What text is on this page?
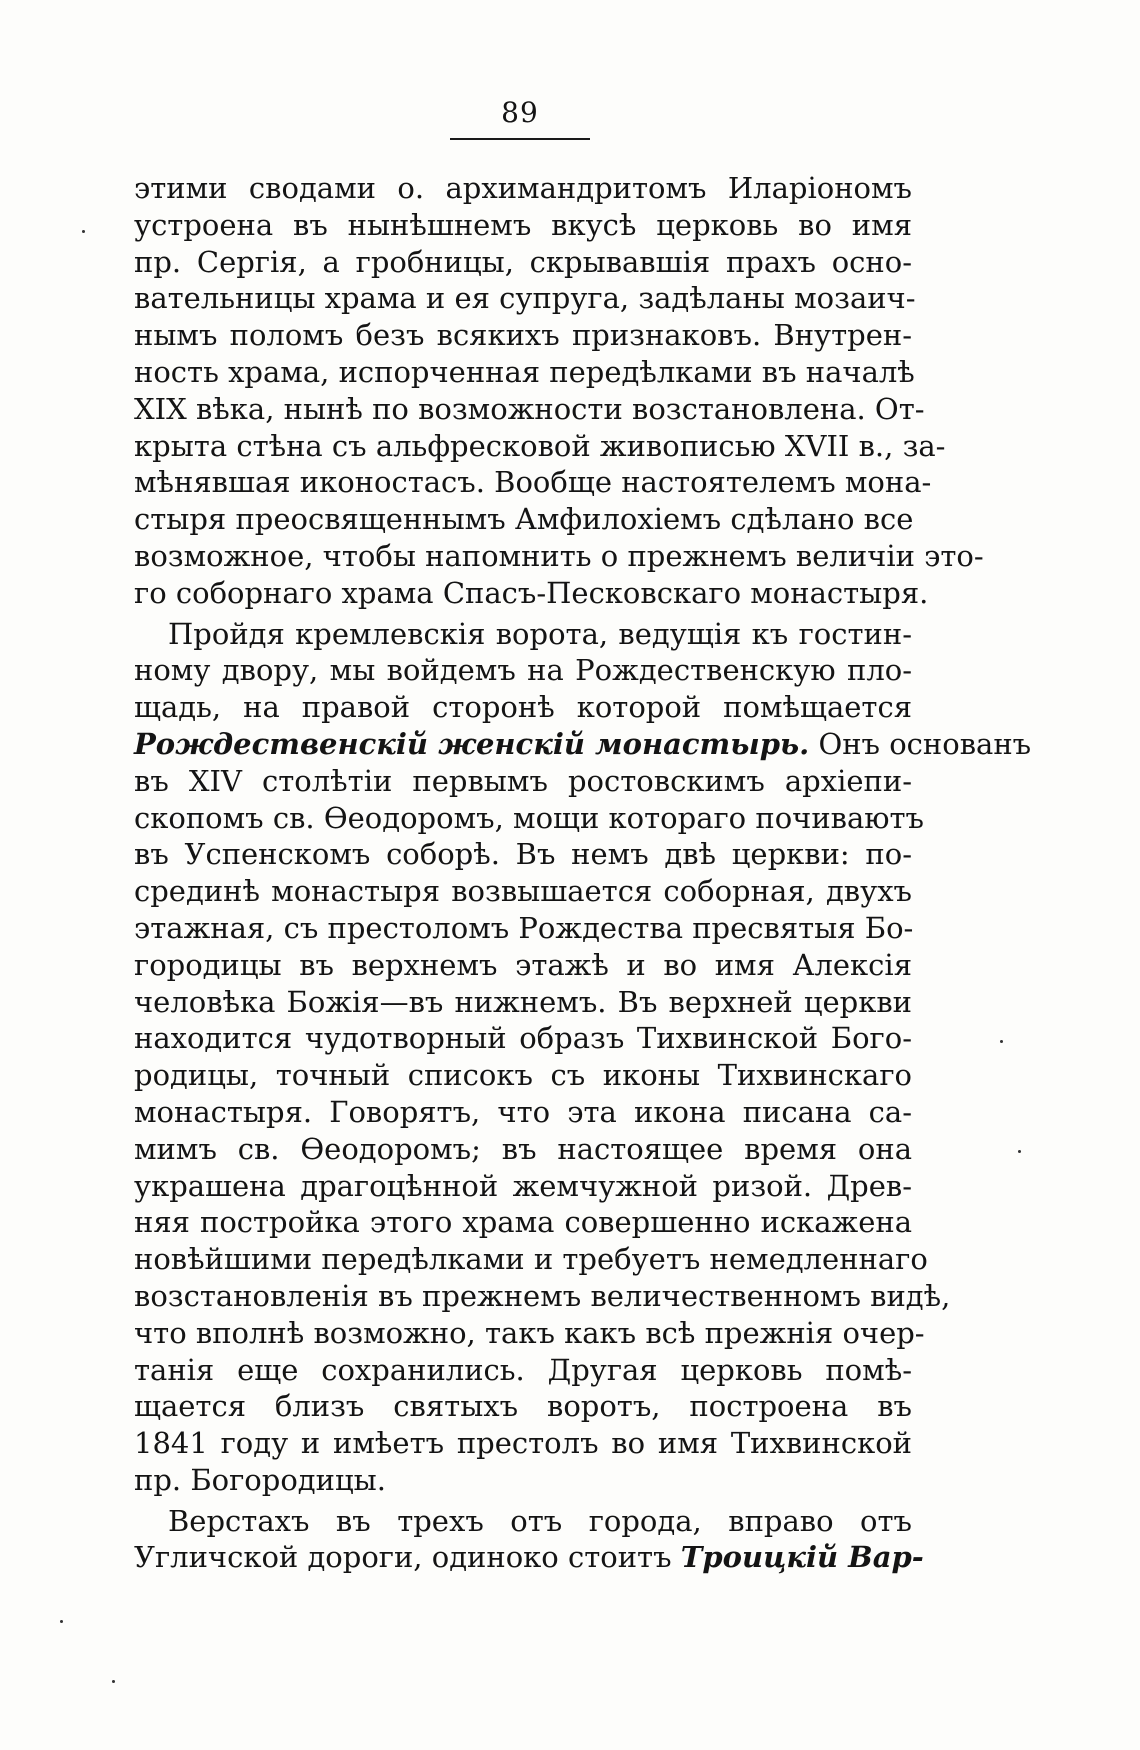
89
этими сводами о. архимандритомъ Иларіономъ
устроена въ нынѣшнемъ вкусѣ церковь во имя
пр. Сергія, а гробницы, скрывавшія прахъ осно-
вательницы храма и ея супруга, задѣланы мозаич-
нымъ поломъ безъ всякихъ признаковъ. Внутрен-
ность храма, испорченная передѣлками въ началѣ
XIX вѣка, нынѣ по возможности возстановлена. От-
крыта стѣна съ альфресковой живописью XVII в., за-
мѣнявшая иконостасъ. Вообще настоятелемъ мона-
стыря преосвященнымъ Амфилохіемъ сдѣлано все
возможное, чтобы напомнить о прежнемъ величіи это-
го соборнаго храма Спасъ-Песковскаго монастыря.
Пройдя кремлевскія ворота, ведущія къ гостин-
ному двору, мы войдемъ на Рождественскую пло-
щадь, на правой сторонѣ которой помѣщается
Рождественскій женскій монастырь. Онъ основанъ
въ XIV столѣтіи первымъ ростовскимъ архіепи-
скопомъ св. Ѳеодоромъ, мощи котораго почиваютъ
въ Успенскомъ соборѣ. Въ немъ двѣ церкви: по-
срединѣ монастыря возвышается соборная, двухъ
этажная, съ престоломъ Рождества пресвятыя Бо-
городицы въ верхнемъ этажѣ и во имя Алексія
человѣка Божія—въ нижнемъ. Въ верхней церкви
находится чудотворный образъ Тихвинской Бого-
родицы, точный списокъ съ иконы Тихвинскаго
монастыря. Говорятъ, что эта икона писана са-
мимъ св. Ѳеодоромъ; въ настоящее время она
украшена драгоцѣнной жемчужной ризой. Древ-
няя постройка этого храма совершенно искажена
новѣйшими передѣлками и требуетъ немедленнаго
возстановленія въ прежнемъ величественномъ видѣ,
что вполнѣ возможно, такъ какъ всѣ прежнія очер-
танія еще сохранились. Другая церковь помѣ-
щается близъ святыхъ воротъ, построена въ
1841 году и имѣетъ престолъ во имя Тихвинской
пр. Богородицы.
Верстахъ въ трехъ отъ города, вправо отъ
Угличской дороги, одиноко стоитъ Троицкій Вар-
